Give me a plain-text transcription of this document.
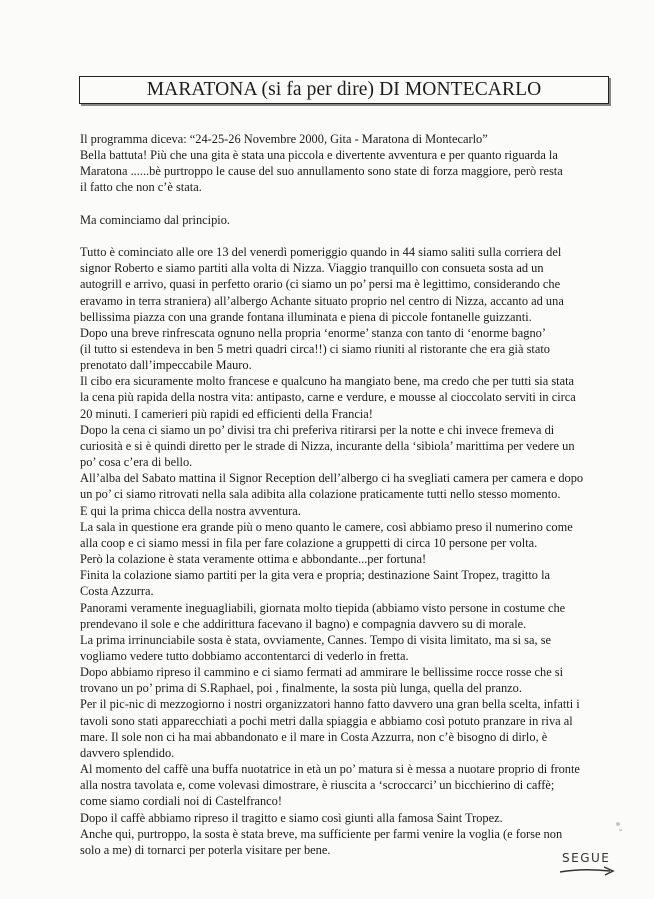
MARATONA (si fa per dire) DI MONTECARLO

Il programma diceva: “24-25-26 Novembre 2000, Gita - Maratona di Montecarlo”

Bella battuta! Più che una gita è stata una piccola e divertente avventura e per quanto riguarda la

Maratona ......bè purtroppo le cause del suo annullamento sono state di forza maggiore, però resta

il fatto che non c’è stata.

Ma cominciamo dal principio.

Tutto è cominciato alle ore 13 del venerdì pomeriggio quando in 44 siamo saliti sulla corriera del

signor Roberto e siamo partiti alla volta di Nizza. Viaggio tranquillo con consueta sosta ad un

autogrill e arrivo, quasi in perfetto orario (ci siamo un po’ persi ma è legittimo, considerando che

eravamo in terra straniera) all’albergo Achante situato proprio nel centro di Nizza, accanto ad una

bellissima piazza con una grande fontana illuminata e piena di piccole fontanelle guizzanti.

Dopo una breve rinfrescata ognuno nella propria ‘enorme’ stanza con tanto di ‘enorme bagno’

(il tutto si estendeva in ben 5 metri quadri circa!!) ci siamo riuniti al ristorante che era già stato

prenotato dall’impeccabile Mauro.

Il cibo era sicuramente molto francese e qualcuno ha mangiato bene, ma credo che per tutti sia stata

la cena più rapida della nostra vita: antipasto, carne e verdure, e mousse al cioccolato serviti in circa

20 minuti. I camerieri più rapidi ed efficienti della Francia!

Dopo la cena ci siamo un po’ divisi tra chi preferiva ritirarsi per la notte e chi invece fremeva di

curiosità e si è quindi diretto per le strade di Nizza, incurante della ‘sibiola’ marittima per vedere un

po’ cosa c’era di bello.

All’alba del Sabato mattina il Signor Reception dell’albergo ci ha svegliati camera per camera e dopo

un po’ ci siamo ritrovati nella sala adibita alla colazione praticamente tutti nello stesso momento.

E qui la prima chicca della nostra avventura.

La sala in questione era grande più o meno quanto le camere, così abbiamo preso il numerino come

alla coop e ci siamo messi in fila per fare colazione a gruppetti di circa 10 persone per volta.

Però la colazione è stata veramente ottima e abbondante...per fortuna!

Finita la colazione siamo partiti per la gita vera e propria; destinazione Saint Tropez, tragitto la

Costa Azzurra.

Panorami veramente ineguagliabili, giornata molto tiepida (abbiamo visto persone in costume che

prendevano il sole e che addirittura facevano il bagno) e compagnia davvero su di morale.

La prima irrinunciabile sosta è stata, ovviamente, Cannes. Tempo di visita limitato, ma si sa, se

vogliamo vedere tutto dobbiamo accontentarci di vederlo in fretta.

Dopo abbiamo ripreso il cammino e ci siamo fermati ad ammirare le bellissime rocce rosse che si

trovano un po’ prima di S.Raphael, poi , finalmente, la sosta più lunga, quella del pranzo.

Per il pic-nic di mezzogiorno i nostri organizzatori hanno fatto davvero una gran bella scelta, infatti i

tavoli sono stati apparecchiati a pochi metri dalla spiaggia e abbiamo così potuto pranzare in riva al

mare. Il sole non ci ha mai abbandonato e il mare in Costa Azzurra, non c’è bisogno di dirlo, è

davvero splendido.

Al momento del caffè una buffa nuotatrice in età un po’ matura si è messa a nuotare proprio di fronte

alla nostra tavolata e, come volevasi dimostrare, è riuscita a ‘scroccarci’ un bicchierino di caffè;

come siamo cordiali noi di Castelfranco!

Dopo il caffè abbiamo ripreso il tragitto e siamo così giunti alla famosa Saint Tropez.

Anche qui, purtroppo, la sosta è stata breve, ma sufficiente per farmi venire la voglia (e forse non

solo a me) di tornarci per poterla visitare per bene.

SEGUE
